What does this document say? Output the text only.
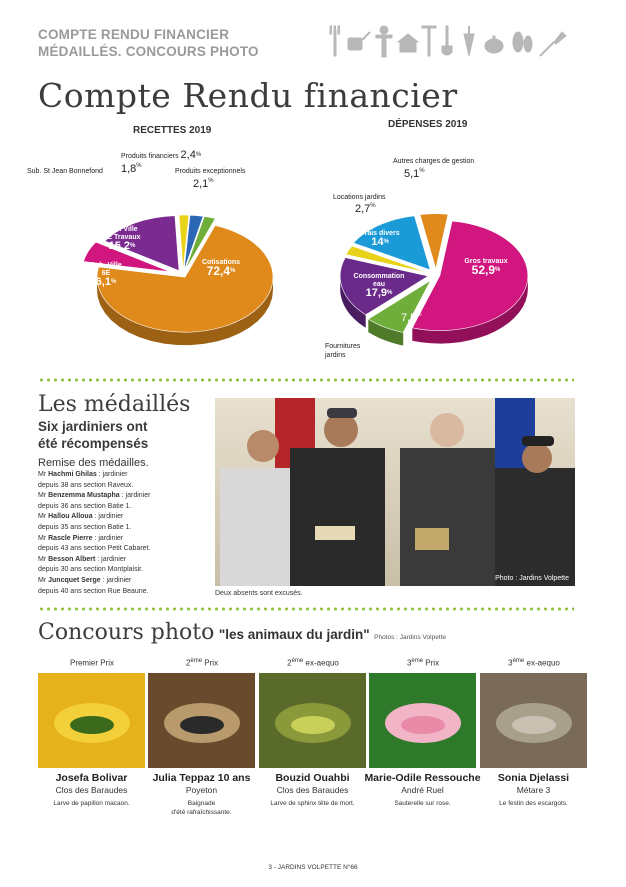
COMPTE RENDU FINANCIER
MÉDAILLÉS. CONCOURS PHOTO
Compte Rendu financier
RECETTES 2019
Produits financiers 2,4%
Sub. St Jean Bonnefond 1,8%
Produits exceptionnels
2,1%
Sub. Ville
6E Travaux
15,2%
Sub. Ville 6E
6,1%
Cotisations
72,4%
DÉPENSES 2019
Autres charges de gestion
5,1%
Locations jardins
2,7%
Frais divers
14%
Consommation
eau
17,9%
Gros travaux
52,9%
7,5%
Fournitures
jardins
Les médaillés
Six jardiniers ont
été récompensés
Remise des médailles.
Mr Hachmi Ghilas : jardinier
depuis 38 ans section Raveux.
Mr Benzemma Mustapha : jardinier
depuis 36 ans section Batie 1.
Mr Hallou Alloua : jardinier
depuis 35 ans section Batie 1.
Mr Rascle Pierre : jardinier
depuis 43 ans section Petit Cabaret.
Mr Besson Albert : jardinier
depuis 30 ans section Montplaisir.
Mr Juncquet Serge : jardinier
depuis 40 ans section Rue Beaune.
Photo : Jardins Volpette
Deux absents sont excusés.
Concours photo "les animaux du jardin" Photos : Jardins Volpette
Premier Prix
Josefa Bolivar
Clos des Baraudes
Larve de papillon macaon.
2ème Prix
Julia Teppaz 10 ans
Poyeton
Baignade
d'été rafraîchissante.
2ème ex-aequo
Bouzid Ouahbi
Clos des Baraudes
Larve de sphinx tête de mort.
3ème Prix
Marie-Odile Ressouche
André Ruel
Sauterelle sur rose.
3ème ex-aequo
Sonia Djelassi
Métare 3
Le festin des escargots.
3 - JARDINS VOLPETTE N°66
